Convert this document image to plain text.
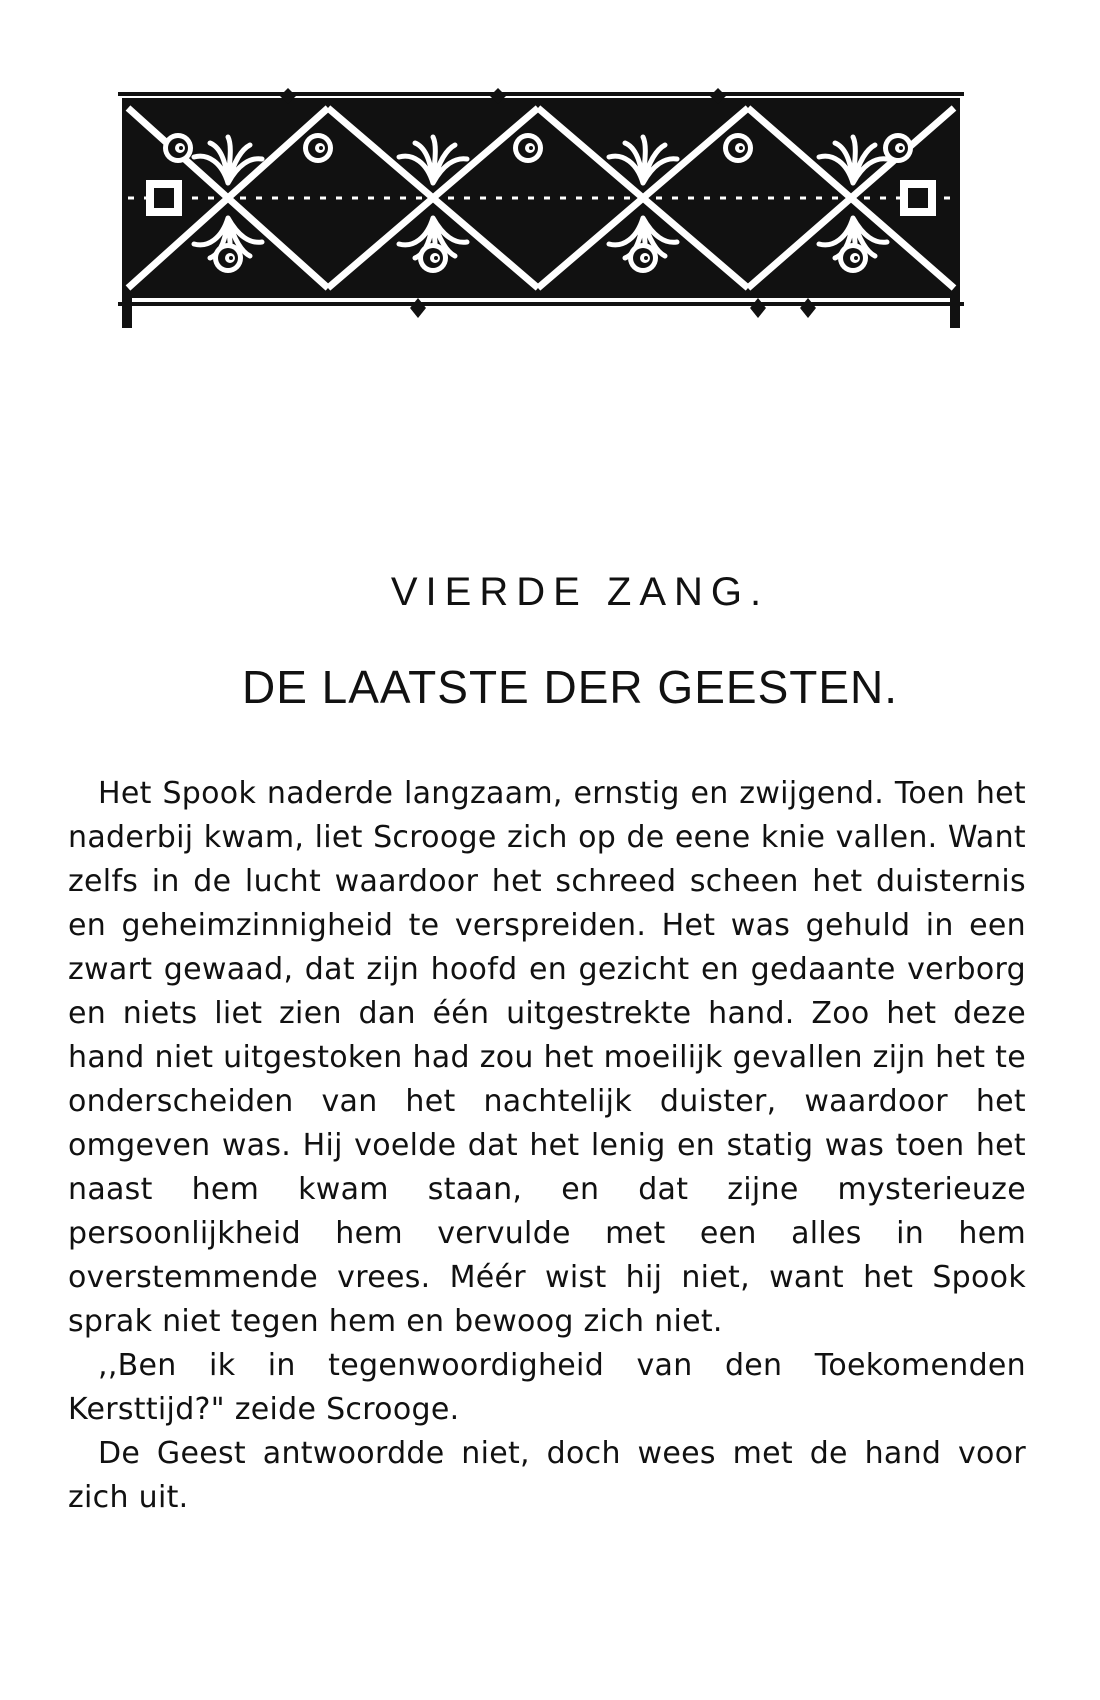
VIERDE ZANG.
DE LAATSTE DER GEESTEN.

Het Spook naderde langzaam, ernstig en zwijgend. Toen het naderbij kwam, liet Scrooge zich op de eene knie vallen. Want zelfs in de lucht waardoor het schreed scheen het duisternis en geheimzinnigheid te verspreiden. Het was gehuld in een zwart gewaad, dat zijn hoofd en gezicht en gedaante verborg en niets liet zien dan één uitgestrekte hand. Zoo het deze hand niet uitgestoken had zou het moeilijk gevallen zijn het te onderscheiden van het nachtelijk duister, waardoor het omgeven was. Hij voelde dat het lenig en statig was toen het naast hem kwam staan, en dat zijne mysterieuze persoonlijkheid hem vervulde met een alles in hem overstemmende vrees. Méér wist hij niet, want het Spook sprak niet tegen hem en bewoog zich niet.

,,Ben ik in tegenwoordigheid van den Toekomenden Kersttijd?" zeide Scrooge.

De Geest antwoordde niet, doch wees met de hand voor zich uit.
